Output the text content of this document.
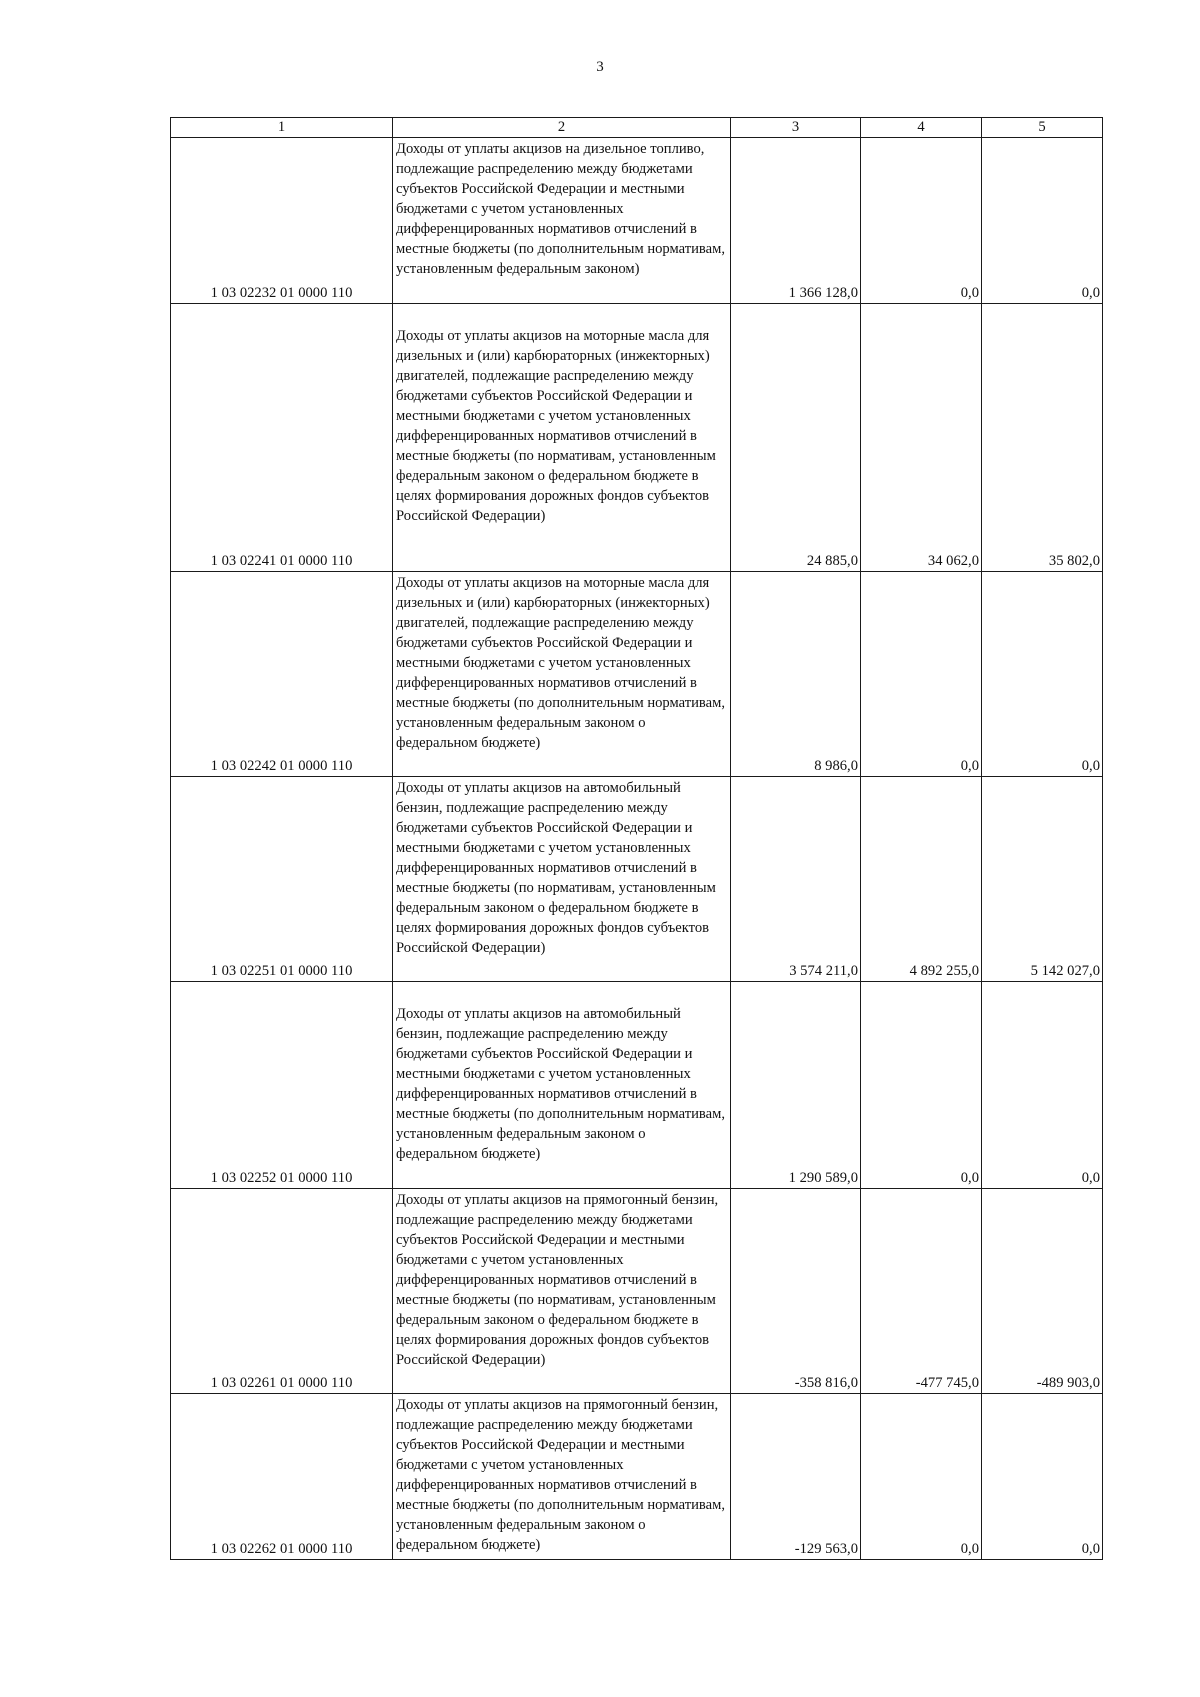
3
1	2	3	4	5
1 03 02232 01 0000 110	Доходы от уплаты акцизов на дизельное топливо, подлежащие распределению между бюджетами субъектов Российской Федерации и местными бюджетами с учетом установленных дифференцированных нормативов отчислений в местные бюджеты (по дополнительным нормативам, установленным федеральным законом)	1 366 128,0	0,0	0,0
1 03 02241 01 0000 110	Доходы от уплаты акцизов на моторные масла для дизельных и (или) карбюраторных (инжекторных) двигателей, подлежащие распределению между бюджетами субъектов Российской Федерации и местными бюджетами с учетом установленных дифференцированных нормативов отчислений в местные бюджеты (по нормативам, установленным федеральным законом о федеральном бюджете в целях формирования дорожных фондов субъектов Российской Федерации)	24 885,0	34 062,0	35 802,0
1 03 02242 01 0000 110	Доходы от уплаты акцизов на моторные масла для дизельных и (или) карбюраторных (инжекторных) двигателей, подлежащие распределению между бюджетами субъектов Российской Федерации и местными бюджетами с учетом установленных дифференцированных нормативов отчислений в местные бюджеты (по дополнительным нормативам, установленным федеральным законом о федеральном бюджете)	8 986,0	0,0	0,0
1 03 02251 01 0000 110	Доходы от уплаты акцизов на автомобильный бензин, подлежащие распределению между бюджетами субъектов Российской Федерации и местными бюджетами с учетом установленных дифференцированных нормативов отчислений в местные бюджеты (по нормативам, установленным федеральным законом о федеральном бюджете в целях формирования дорожных фондов субъектов Российской Федерации)	3 574 211,0	4 892 255,0	5 142 027,0
1 03 02252 01 0000 110	Доходы от уплаты акцизов на автомобильный бензин, подлежащие распределению между бюджетами субъектов Российской Федерации и местными бюджетами с учетом установленных дифференцированных нормативов отчислений в местные бюджеты (по дополнительным нормативам, установленным федеральным законом о федеральном бюджете)	1 290 589,0	0,0	0,0
1 03 02261 01 0000 110	Доходы от уплаты акцизов на прямогонный бензин, подлежащие распределению между бюджетами субъектов Российской Федерации и местными бюджетами с учетом установленных дифференцированных нормативов отчислений в местные бюджеты (по нормативам, установленным федеральным законом о федеральном бюджете в целях формирования дорожных фондов субъектов Российской Федерации)	-358 816,0	-477 745,0	-489 903,0
1 03 02262 01 0000 110	Доходы от уплаты акцизов на прямогонный бензин, подлежащие распределению между бюджетами субъектов Российской Федерации и местными бюджетами с учетом установленных дифференцированных нормативов отчислений в местные бюджеты (по дополнительным нормативам, установленным федеральным законом о федеральном бюджете)	-129 563,0	0,0	0,0
